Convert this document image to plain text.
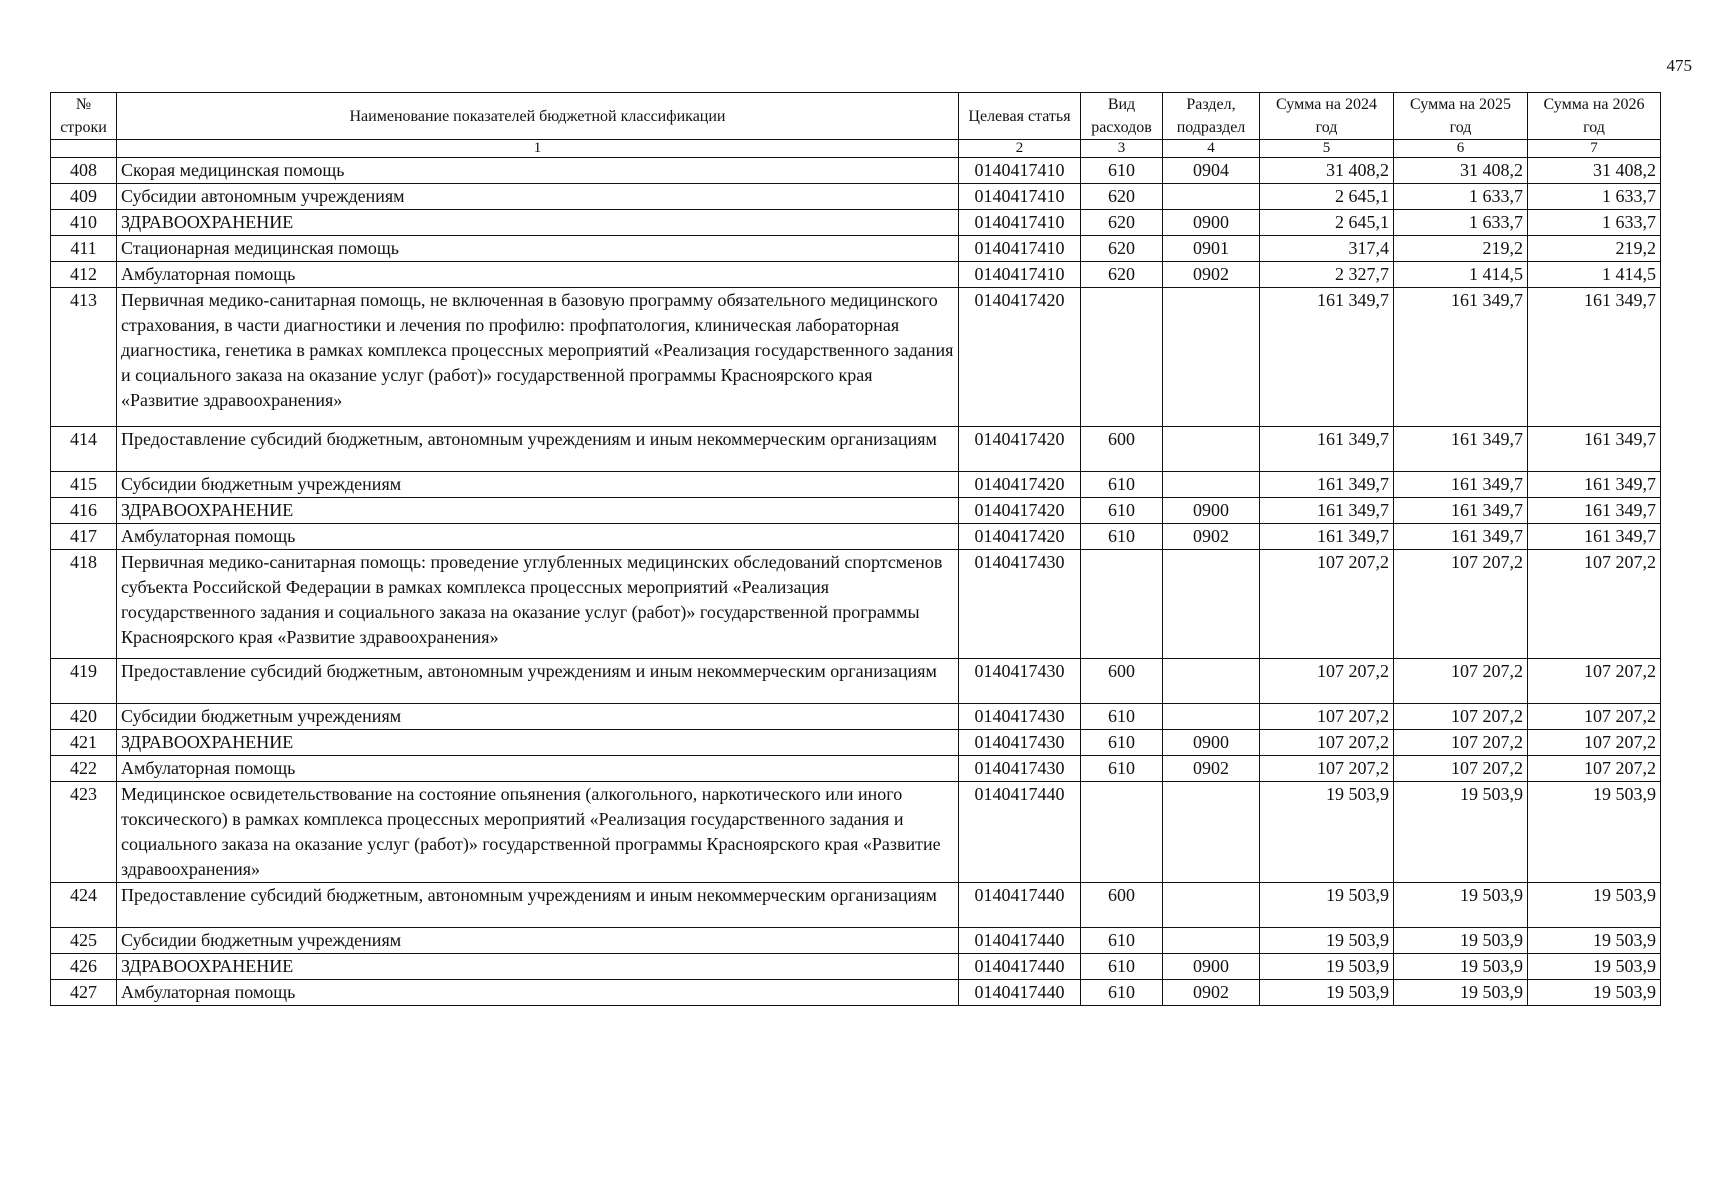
475
№ строки	Наименование показателей бюджетной классификации	Целевая статья	Вид расходов	Раздел, подраздел	Сумма на 2024 год	Сумма на 2025 год	Сумма на 2026 год
	1	2	3	4	5	6	7
408	Скорая медицинская помощь	0140417410	610	0904	31 408,2	31 408,2	31 408,2
409	Субсидии автономным учреждениям	0140417410	620		2 645,1	1 633,7	1 633,7
410	ЗДРАВООХРАНЕНИЕ	0140417410	620	0900	2 645,1	1 633,7	1 633,7
411	Стационарная медицинская помощь	0140417410	620	0901	317,4	219,2	219,2
412	Амбулаторная помощь	0140417410	620	0902	2 327,7	1 414,5	1 414,5
413	Первичная медико-санитарная помощь, не включенная в базовую программу обязательного медицинского страхования, в части диагностики и лечения по профилю: профпатология, клиническая лабораторная диагностика, генетика в рамках комплекса процессных мероприятий «Реализация государственного задания и социального заказа на оказание услуг (работ)» государственной программы Красноярского края «Развитие здравоохранения»	0140417420			161 349,7	161 349,7	161 349,7
414	Предоставление субсидий бюджетным, автономным учреждениям и иным некоммерческим организациям	0140417420	600		161 349,7	161 349,7	161 349,7
415	Субсидии бюджетным учреждениям	0140417420	610		161 349,7	161 349,7	161 349,7
416	ЗДРАВООХРАНЕНИЕ	0140417420	610	0900	161 349,7	161 349,7	161 349,7
417	Амбулаторная помощь	0140417420	610	0902	161 349,7	161 349,7	161 349,7
418	Первичная медико-санитарная помощь: проведение углубленных медицинских обследований спортсменов субъекта Российской Федерации в рамках комплекса процессных мероприятий «Реализация государственного задания и социального заказа на оказание услуг (работ)» государственной программы Красноярского края «Развитие здравоохранения»	0140417430			107 207,2	107 207,2	107 207,2
419	Предоставление субсидий бюджетным, автономным учреждениям и иным некоммерческим организациям	0140417430	600		107 207,2	107 207,2	107 207,2
420	Субсидии бюджетным учреждениям	0140417430	610		107 207,2	107 207,2	107 207,2
421	ЗДРАВООХРАНЕНИЕ	0140417430	610	0900	107 207,2	107 207,2	107 207,2
422	Амбулаторная помощь	0140417430	610	0902	107 207,2	107 207,2	107 207,2
423	Медицинское освидетельствование на состояние опьянения (алкогольного, наркотического или иного токсического) в рамках комплекса процессных мероприятий «Реализация государственного задания и социального заказа на оказание услуг (работ)» государственной программы Красноярского края «Развитие здравоохранения»	0140417440			19 503,9	19 503,9	19 503,9
424	Предоставление субсидий бюджетным, автономным учреждениям и иным некоммерческим организациям	0140417440	600		19 503,9	19 503,9	19 503,9
425	Субсидии бюджетным учреждениям	0140417440	610		19 503,9	19 503,9	19 503,9
426	ЗДРАВООХРАНЕНИЕ	0140417440	610	0900	19 503,9	19 503,9	19 503,9
427	Амбулаторная помощь	0140417440	610	0902	19 503,9	19 503,9	19 503,9
